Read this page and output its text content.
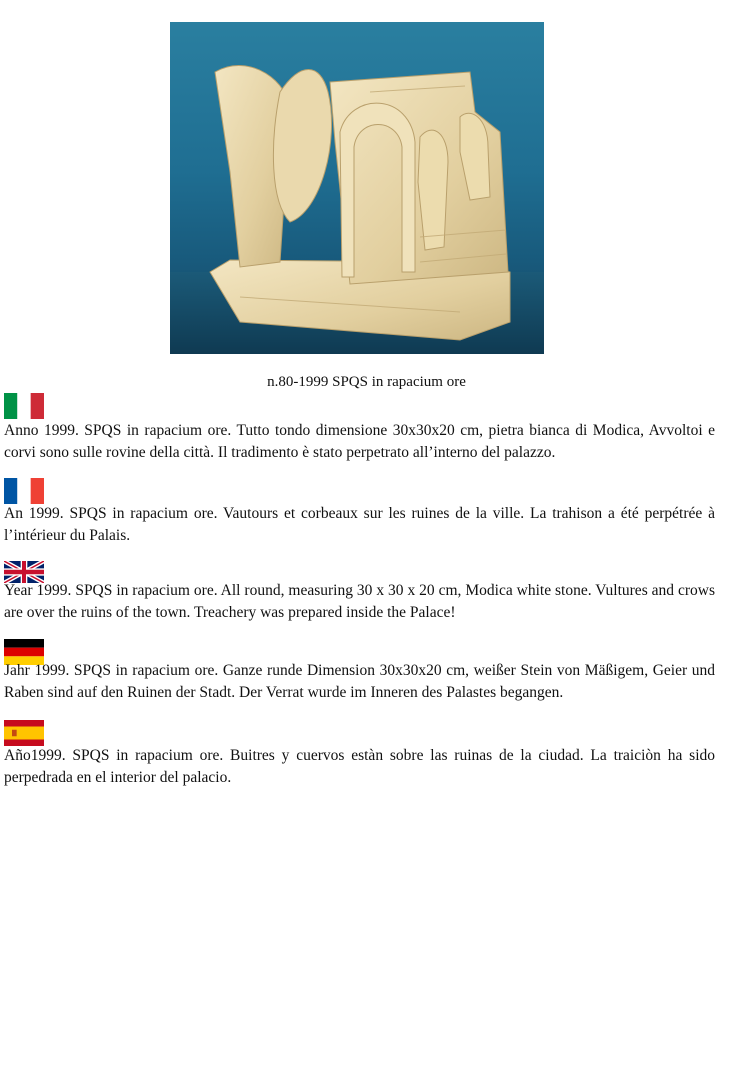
n.80-1999 SPQS in rapacium ore

Anno 1999. SPQS in rapacium ore. Tutto tondo dimensione 30x30x20 cm, pietra bianca di Modica, Avvoltoi e corvi sono sulle rovine della città. Il tradimento è stato perpetrato all’interno del palazzo.

An 1999. SPQS in rapacium ore. Vautours et corbeaux sur les ruines de la ville. La trahison a été perpétrée à l’intérieur du Palais.

Year 1999. SPQS in rapacium ore. All round, measuring 30 x 30 x 20 cm, Modica white stone. Vultures and crows are over the ruins of the town. Treachery was prepared inside the Palace!

Jahr 1999. SPQS in rapacium ore. Ganze runde Dimension 30x30x20 cm, weißer Stein von Mäßigem, Geier und Raben sind auf den Ruinen der Stadt. Der Verrat wurde im Inneren des Palastes begangen.

Año1999. SPQS in rapacium ore. Buitres y cuervos estàn sobre las ruinas de la ciudad. La traiciòn ha sido perpedrada en el interior del palacio.
